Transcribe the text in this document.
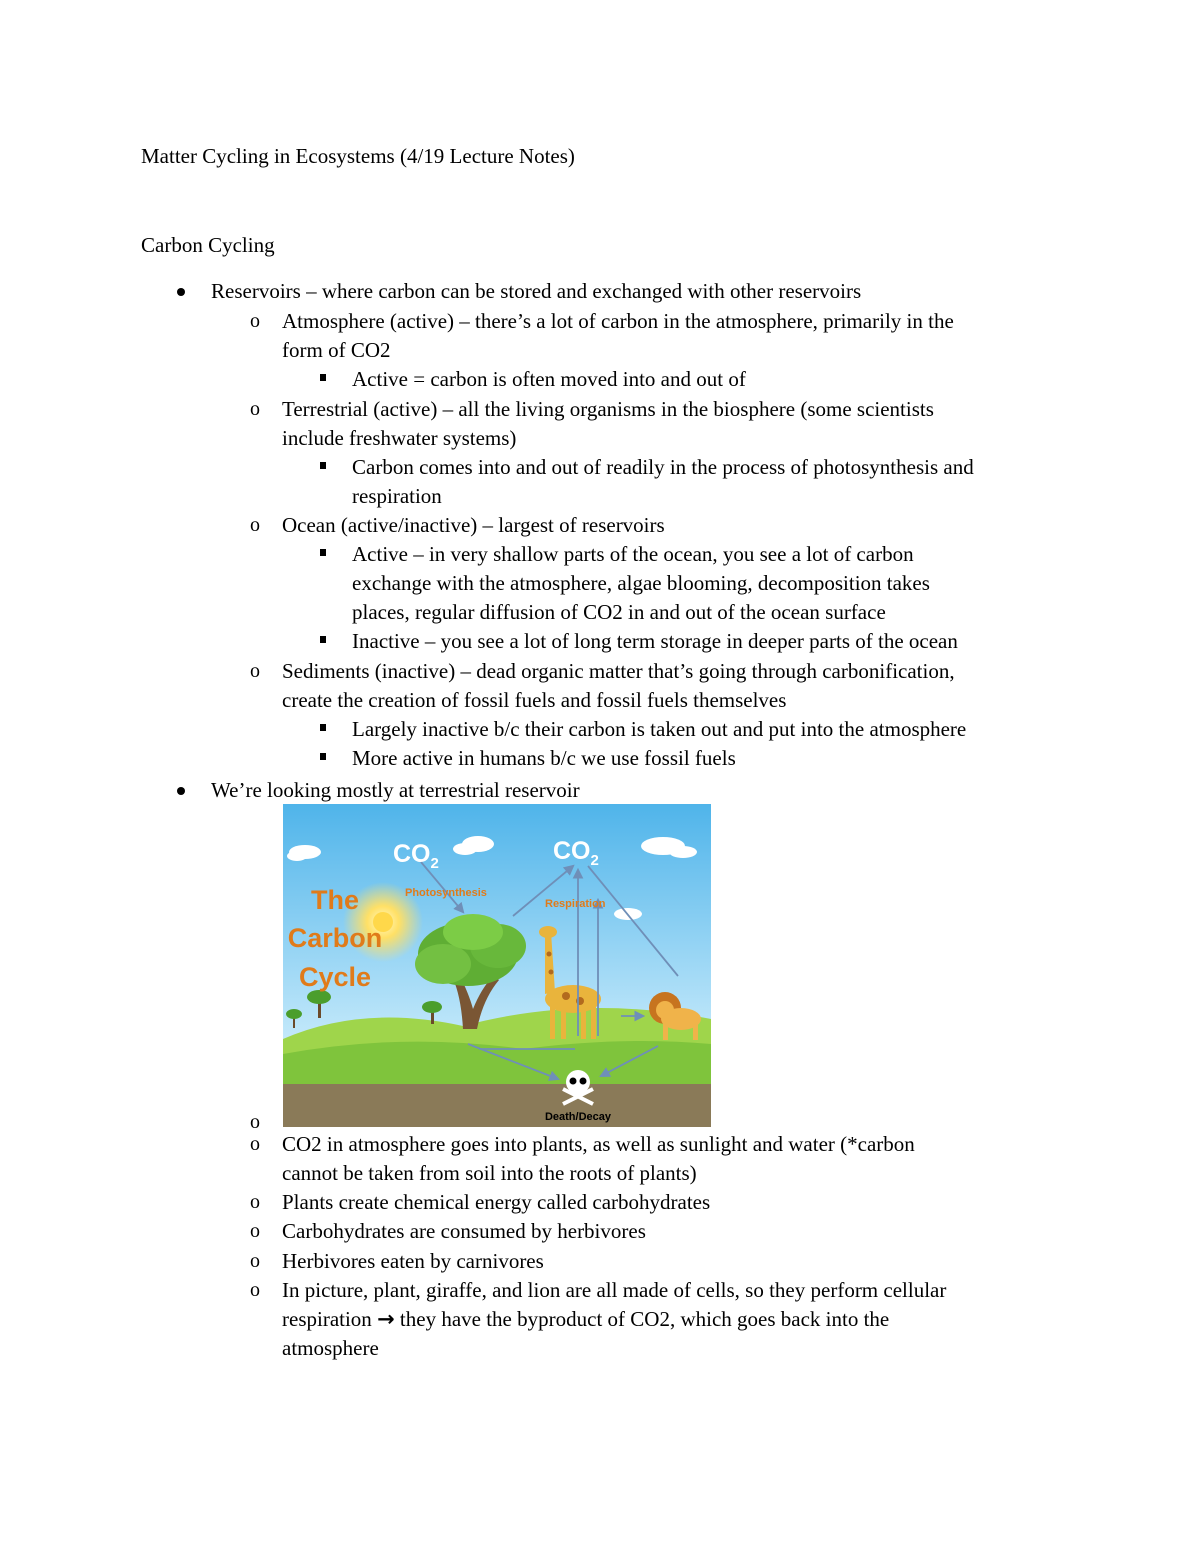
Matter Cycling in Ecosystems (4/19 Lecture Notes)
Carbon Cycling
Reservoirs – where carbon can be stored and exchanged with other reservoirs
o Atmosphere (active) – there’s a lot of carbon in the atmosphere, primarily in the
form of CO2
Active = carbon is often moved into and out of
o Terrestrial (active) – all the living organisms in the biosphere (some scientists
include freshwater systems)
Carbon comes into and out of readily in the process of photosynthesis and
respiration
o Ocean (active/inactive) – largest of reservoirs
Active – in very shallow parts of the ocean, you see a lot of carbon
exchange with the atmosphere, algae blooming, decomposition takes
places, regular diffusion of CO2 in and out of the ocean surface
Inactive – you see a lot of long term storage in deeper parts of the ocean
o Sediments (inactive) – dead organic matter that’s going through carbonification,
create the creation of fossil fuels and fossil fuels themselves
Largely inactive b/c their carbon is taken out and put into the atmosphere
More active in humans b/c we use fossil fuels
We’re looking mostly at terrestrial reservoir
$CO_2$	$CO_2$
Photosynthesis
Respiration
The
Carbon
Cycle
Death/Decay
o
o CO2 in atmosphere goes into plants, as well as sunlight and water (*carbon
cannot be taken from soil into the roots of plants)
o Plants create chemical energy called carbohydrates
o Carbohydrates are consumed by herbivores
o Herbivores eaten by carnivores
o In picture, plant, giraffe, and lion are all made of cells, so they perform cellular
respiration → they have the byproduct of CO2, which goes back into the
atmosphere
